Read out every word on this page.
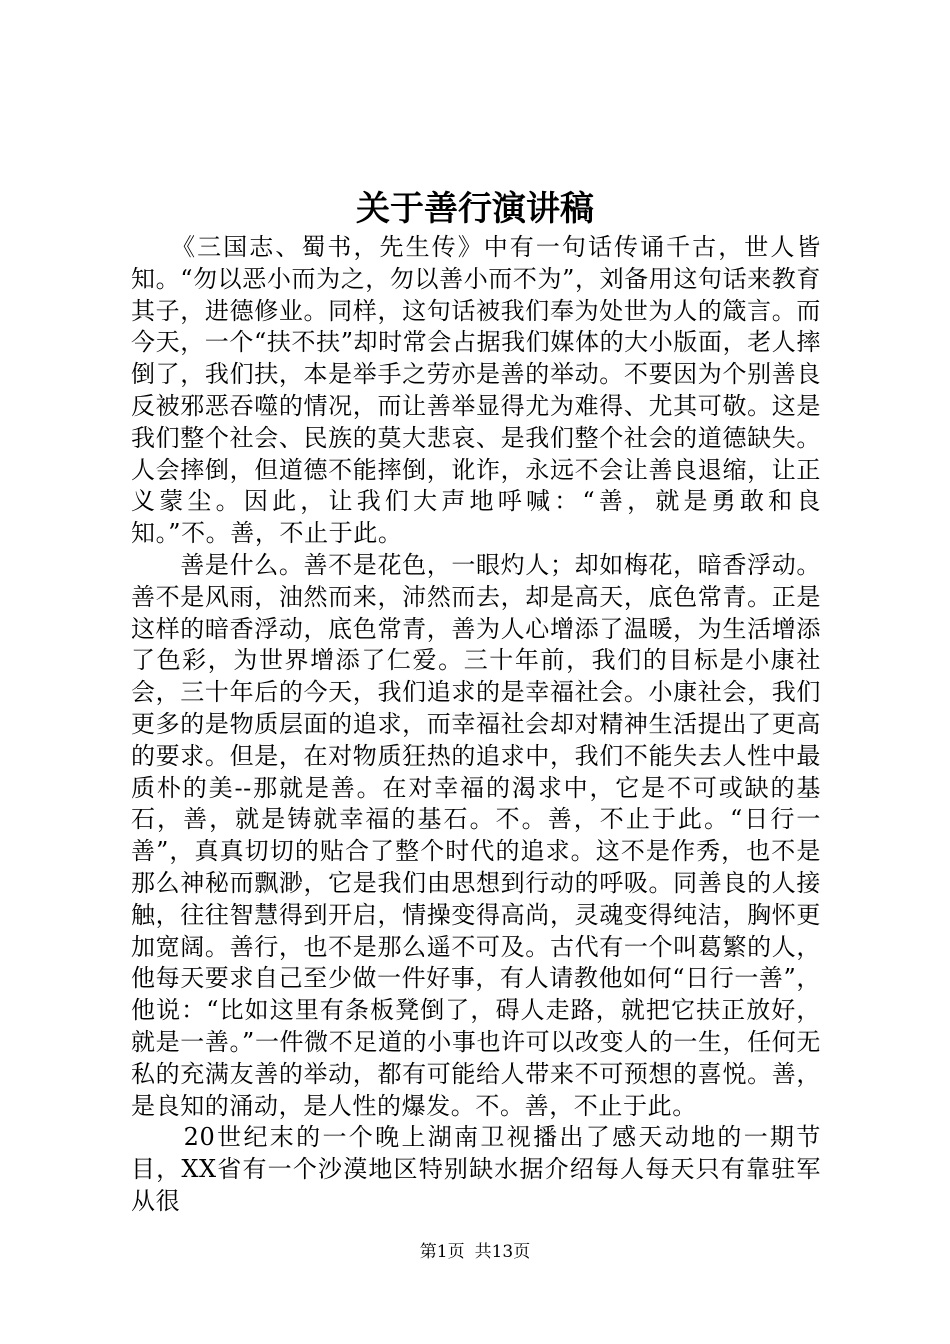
关于善行演讲稿

　　《三国志、蜀书，先生传》中有一句话传诵千古，世人皆知。“勿以恶小而为之，勿以善小而不为”，刘备用这句话来教育其子，进德修业。同样，这句话被我们奉为处世为人的箴言。而今天，一个“扶不扶”却时常会占据我们媒体的大小版面，老人摔倒了，我们扶，本是举手之劳亦是善的举动。不要因为个别善良反被邪恶吞噬的情况，而让善举显得尤为难得、尤其可敬。这是我们整个社会、民族的莫大悲哀、是我们整个社会的道德缺失。人会摔倒，但道德不能摔倒，讹诈，永远不会让善良退缩，让正义蒙尘。因此，让我们大声地呼喊：“善，就是勇敢和良知。”不。善，不止于此。

　　善是什么。善不是花色，一眼灼人；却如梅花，暗香浮动。善不是风雨，油然而来，沛然而去，却是高天，底色常青。正是这样的暗香浮动，底色常青，善为人心增添了温暖，为生活增添了色彩，为世界增添了仁爱。三十年前，我们的目标是小康社会，三十年后的今天，我们追求的是幸福社会。小康社会，我们更多的是物质层面的追求，而幸福社会却对精神生活提出了更高的要求。但是，在对物质狂热的追求中，我们不能失去人性中最质朴的美--那就是善。在对幸福的渴求中，它是不可或缺的基石，善，就是铸就幸福的基石。不。善，不止于此。“日行一善”，真真切切的贴合了整个时代的追求。这不是作秀，也不是那么神秘而飘渺，它是我们由思想到行动的呼吸。同善良的人接触，往往智慧得到开启，情操变得高尚，灵魂变得纯洁，胸怀更加宽阔。善行，也不是那么遥不可及。古代有一个叫葛繁的人，他每天要求自己至少做一件好事，有人请教他如何“日行一善”，他说：“比如这里有条板凳倒了，碍人走路，就把它扶正放好，就是一善。”一件微不足道的小事也许可以改变人的一生，任何无私的充满友善的举动，都有可能给人带来不可预想的喜悦。善，是良知的涌动，是人性的爆发。不。善，不止于此。

　　20世纪末的一个晚上湖南卫视播出了感天动地的一期节目，XX省有一个沙漠地区特别缺水据介绍每人每天只有靠驻军从很

第1页 共13页
